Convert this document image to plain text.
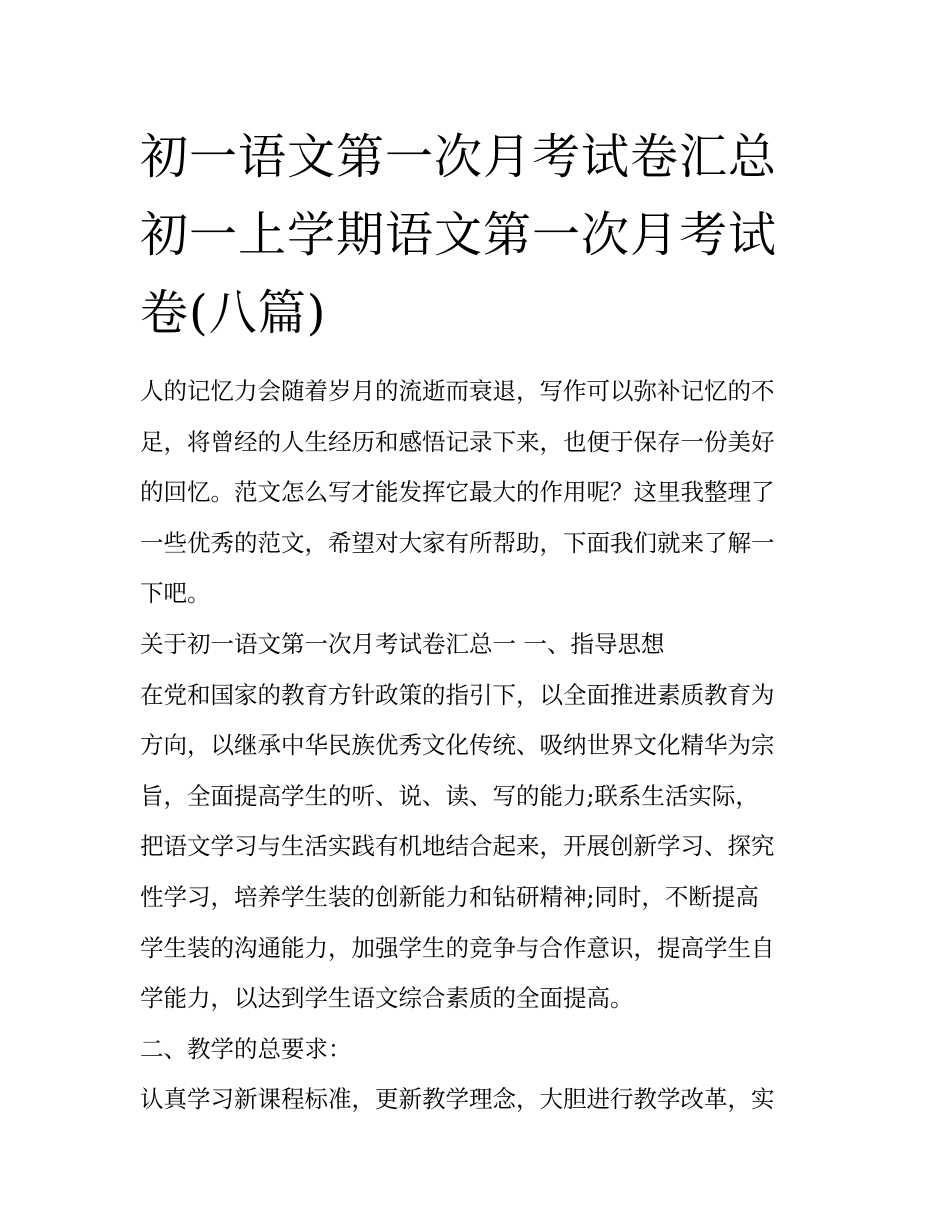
初一语文第一次月考试卷汇总
初一上学期语文第一次月考试
卷(八篇)
人的记忆力会随着岁月的流逝而衰退，写作可以弥补记忆的不
足，将曾经的人生经历和感悟记录下来，也便于保存一份美好
的回忆。范文怎么写才能发挥它最大的作用呢？这里我整理了
一些优秀的范文，希望对大家有所帮助，下面我们就来了解一
下吧。
关于初一语文第一次月考试卷汇总一 一、指导思想
在党和国家的教育方针政策的指引下，以全面推进素质教育为
方向，以继承中华民族优秀文化传统、吸纳世界文化精华为宗
旨，全面提高学生的听、说、读、写的能力;联系生活实际，
把语文学习与生活实践有机地结合起来，开展创新学习、探究
性学习，培养学生装的创新能力和钻研精神;同时，不断提高
学生装的沟通能力，加强学生的竞争与合作意识，提高学生自
学能力，以达到学生语文综合素质的全面提高。
二、教学的总要求：
认真学习新课程标准，更新教学理念，大胆进行教学改革，实
